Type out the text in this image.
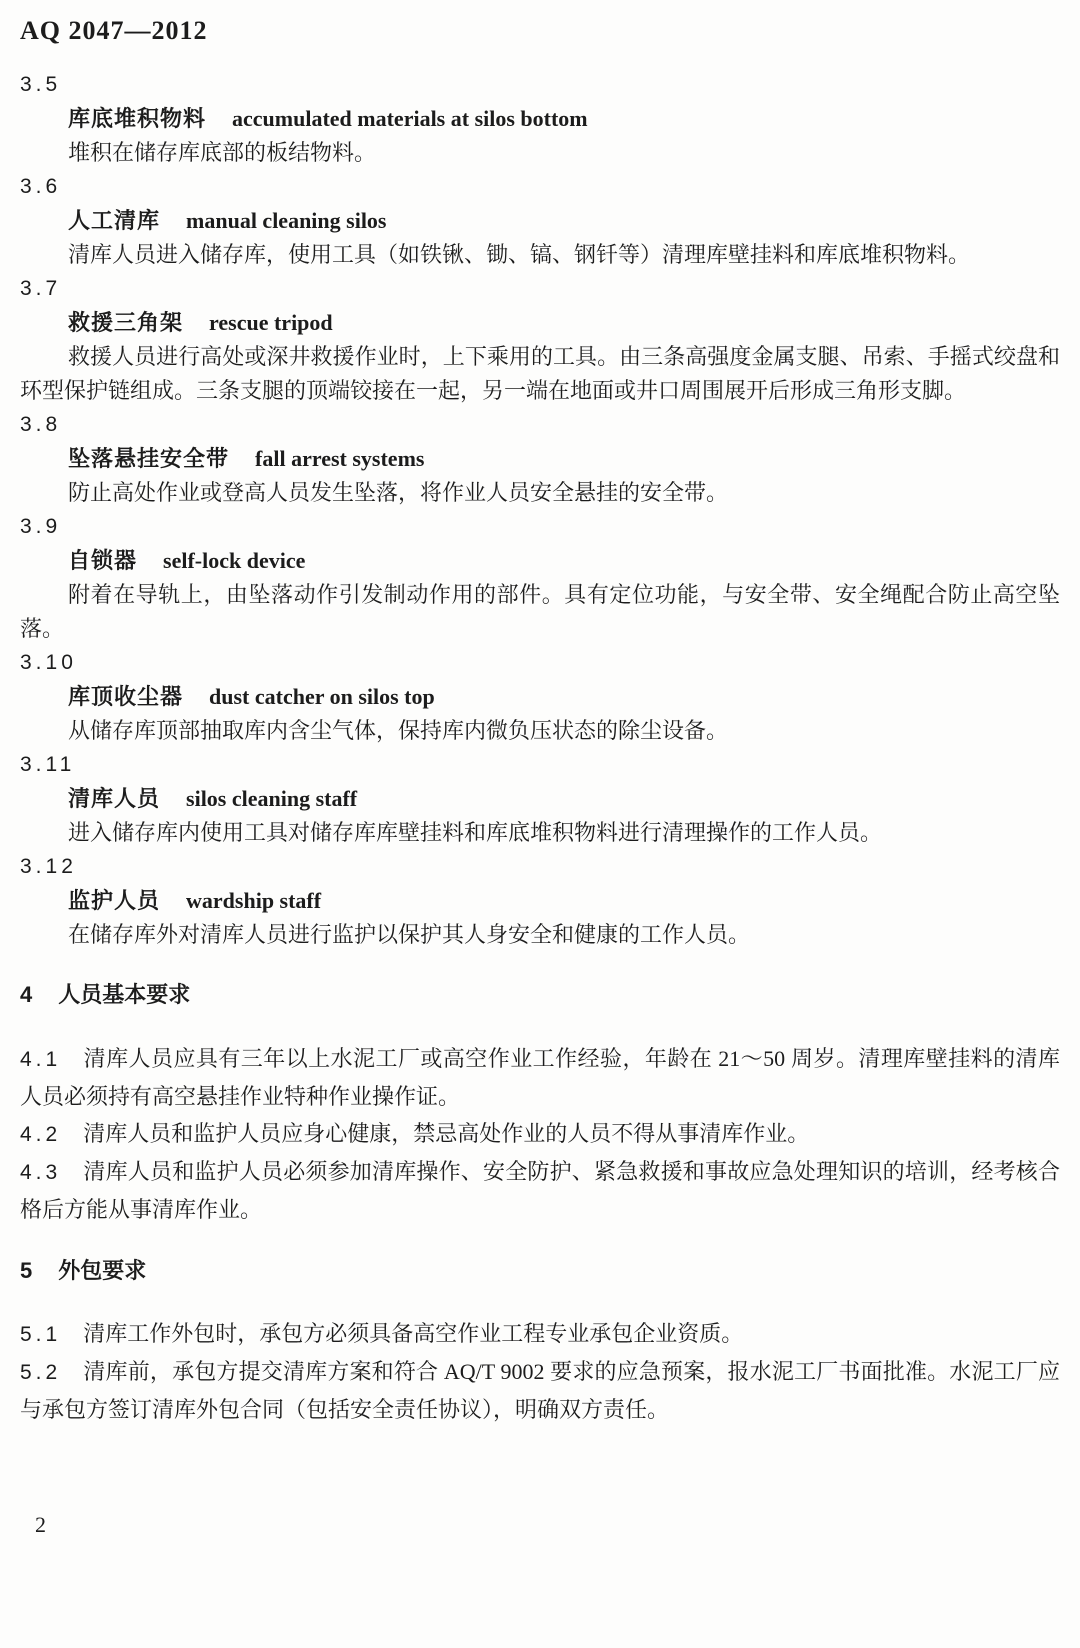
AQ 2047—2012
3.5
库底堆积物料 accumulated materials at silos bottom

堆积在储存库底部的板结物料。

3.6
人工清库 manual cleaning silos

清库人员进入储存库，使用工具（如铁锹、锄、镐、钢钎等）清理库壁挂料和库底堆积物料。

3.7
救援三角架 rescue tripod

救援人员进行高处或深井救援作业时，上下乘用的工具。由三条高强度金属支腿、吊索、手摇式绞盘和环型保护链组成。三条支腿的顶端铰接在一起，另一端在地面或井口周围展开后形成三角形支脚。

3.8
坠落悬挂安全带 fall arrest systems

防止高处作业或登高人员发生坠落，将作业人员安全悬挂的安全带。

3.9
自锁器 self-lock device

附着在导轨上，由坠落动作引发制动作用的部件。具有定位功能，与安全带、安全绳配合防止高空坠落。

3.10
库顶收尘器 dust catcher on silos top

从储存库顶部抽取库内含尘气体，保持库内微负压状态的除尘设备。

3.11
清库人员 silos cleaning staff

进入储存库内使用工具对储存库库壁挂料和库底堆积物料进行清理操作的工作人员。

3.12
监护人员 wardship staff

在储存库外对清库人员进行监护以保护其人身安全和健康的工作人员。

4 人员基本要求

4.1 清库人员应具有三年以上水泥工厂或高空作业工作经验，年龄在 21～50 周岁。清理库壁挂料的清库人员必须持有高空悬挂作业特种作业操作证。

4.2 清库人员和监护人员应身心健康，禁忌高处作业的人员不得从事清库作业。

4.3 清库人员和监护人员必须参加清库操作、安全防护、紧急救援和事故应急处理知识的培训，经考核合格后方能从事清库作业。

5 外包要求

5.1 清库工作外包时，承包方必须具备高空作业工程专业承包企业资质。

5.2 清库前，承包方提交清库方案和符合 AQ/T 9002 要求的应急预案，报水泥工厂书面批准。水泥工厂应与承包方签订清库外包合同（包括安全责任协议），明确双方责任。

2
